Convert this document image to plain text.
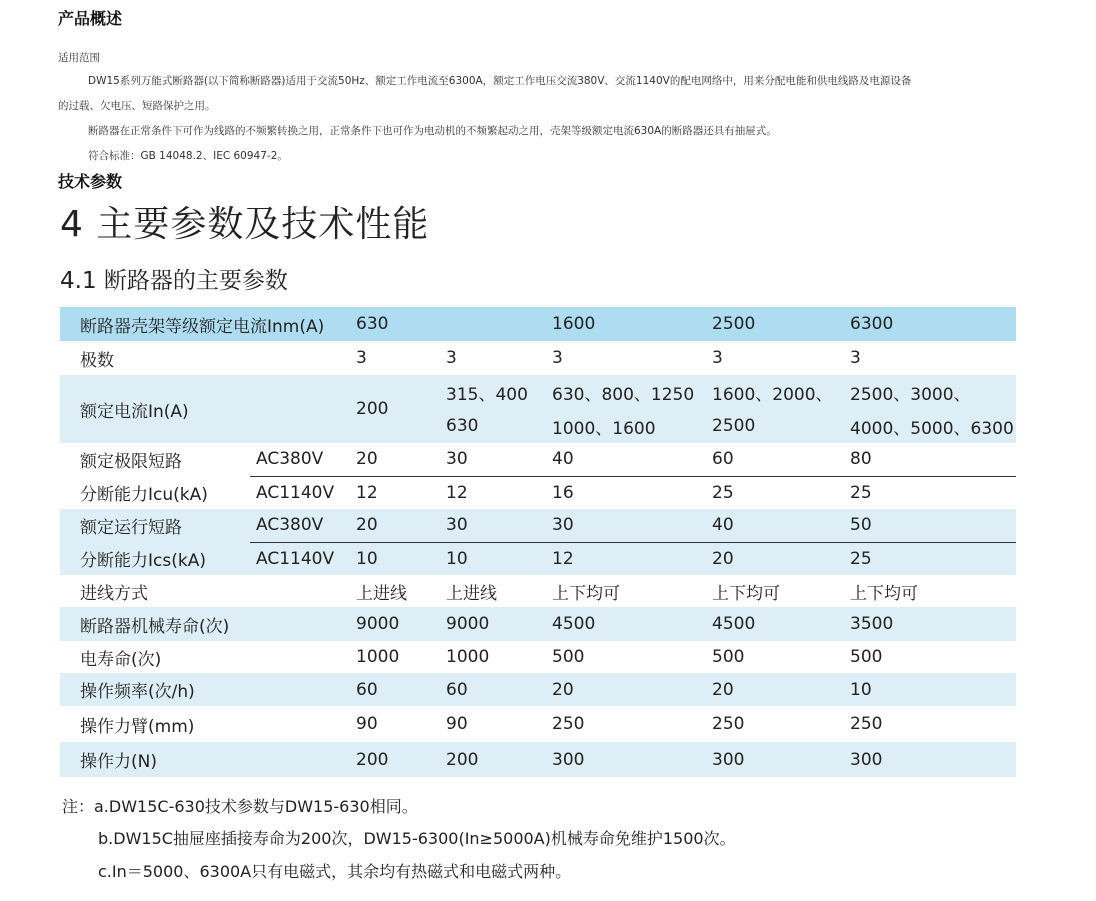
产品概述
适用范围
DW15系列万能式断路器(以下简称断路器)适用于交流50Hz、额定工作电流至6300A，额定工作电压交流380V、交流1140V的配电网络中，用来分配电能和供电线路及电源设备
的过载、欠电压、短路保护之用。
断路器在正常条件下可作为线路的不频繁转换之用，正常条件下也可作为电动机的不频繁起动之用，壳架等级额定电流630A的断路器还具有抽屉式。
符合标准：GB 14048.2、IEC 60947-2。
技术参数
4 主要参数及技术性能
4.1 断路器的主要参数
断路器壳架等级额定电流Inm(A)		630		1600	2500	6300
极数		3	3	3	3	3
额定电流In(A)		200	315、400	630、800、1250	1600、2000、	2500、3000、
			630	1000、1600	2500	4000、5000、6300
额定极限短路	AC380V	20	30	40	60	80
分断能力Icu(kA)	AC1140V	12	12	16	25	25
额定运行短路	AC380V	20	30	30	40	50
分断能力Ics(kA)	AC1140V	10	10	12	20	25
进线方式		上进线	上进线	上下均可	上下均可	上下均可
断路器机械寿命(次)		9000	9000	4500	4500	3500
电寿命(次)		1000	1000	500	500	500
操作频率(次/h)		60	60	20	20	10
操作力臂(mm)		90	90	250	250	250
操作力(N)		200	200	300	300	300
注：a.DW15C-630技术参数与DW15-630相同。
b.DW15C抽屉座插接寿命为200次，DW15-6300(In≥5000A)机械寿命免维护1500次。
c.In＝5000、6300A只有电磁式，其余均有热磁式和电磁式两种。
